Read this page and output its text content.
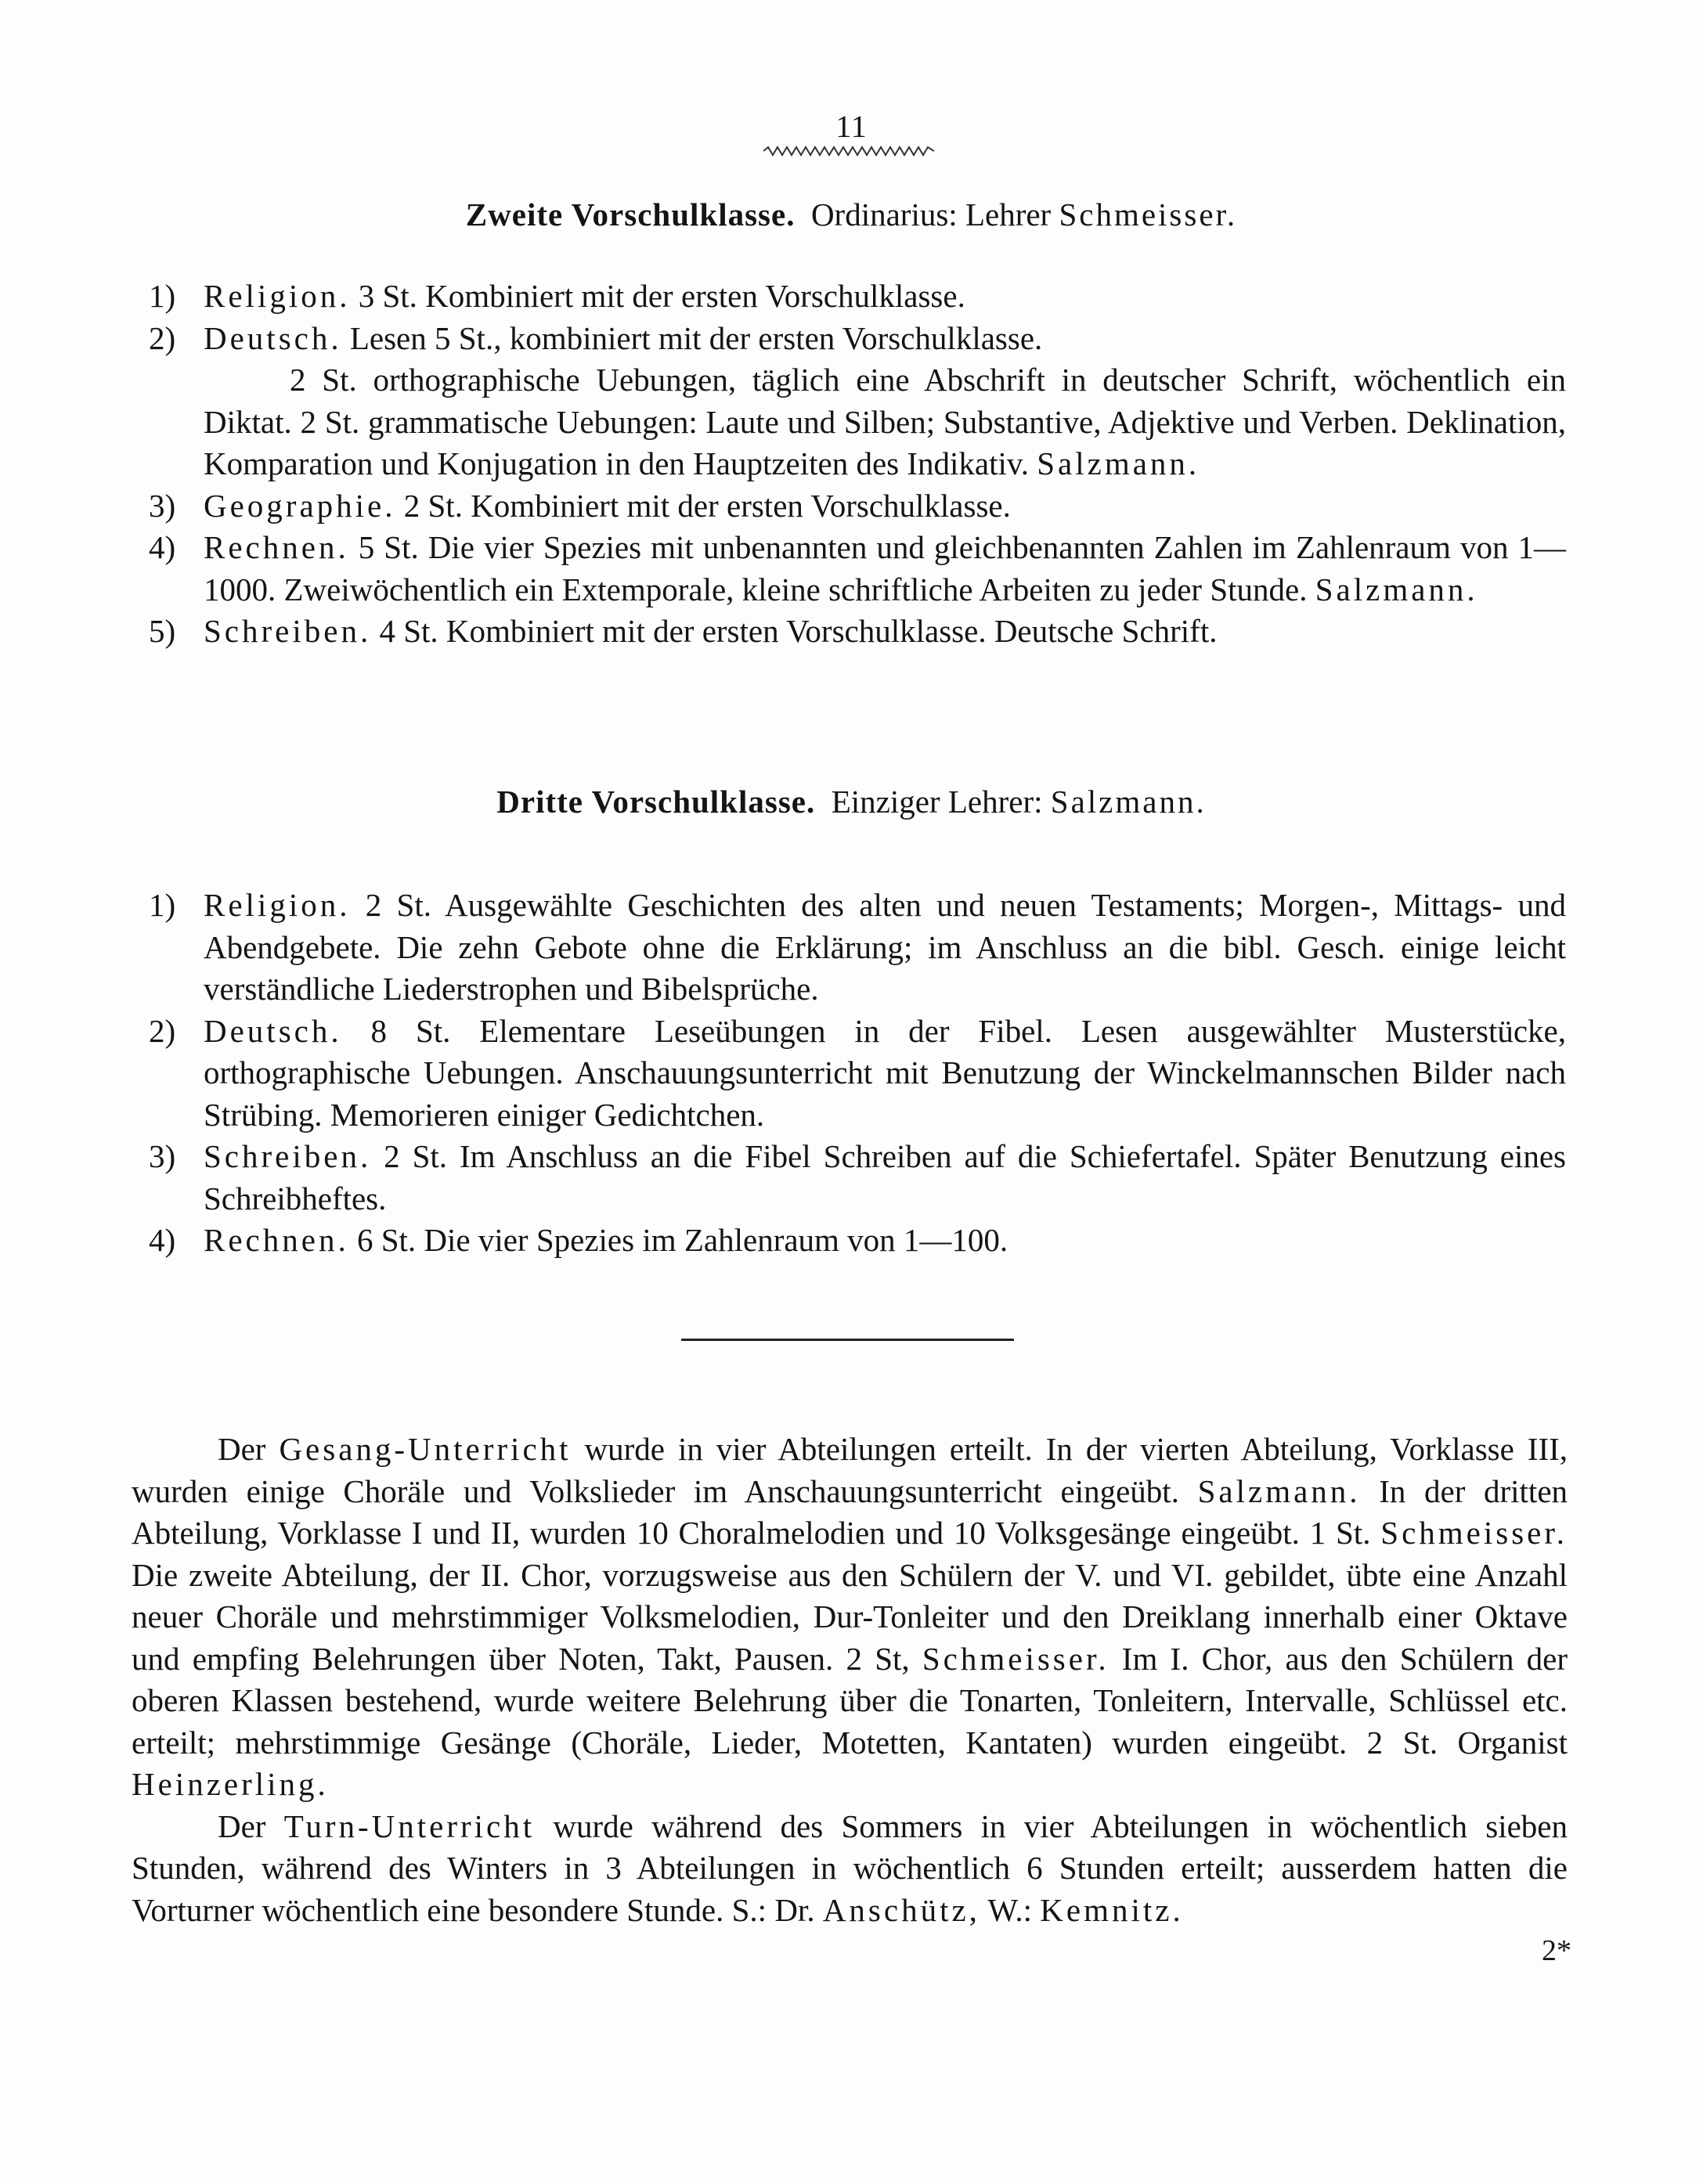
11
Zweite Vorschulklasse. Ordinarius: Lehrer Schmeisser.
1) Religion. 3 St. Kombiniert mit der ersten Vorschulklasse.
2) Deutsch. Lesen 5 St., kombiniert mit der ersten Vorschulklasse.

2 St. orthographische Uebungen, täglich eine Abschrift in deutscher Schrift, wöchentlich ein Diktat. 2 St. grammatische Uebungen: Laute und Silben; Substantive, Adjektive und Verben. Deklination, Komparation und Konjugation in den Hauptzeiten des Indikativ. Salzmann.

3) Geographie. 2 St. Kombiniert mit der ersten Vorschulklasse.
4) Rechnen. 5 St. Die vier Spezies mit unbenannten und gleichbenannten Zahlen im Zahlenraum von 1—1000. Zweiwöchentlich ein Extemporale, kleine schriftliche Arbeiten zu jeder Stunde. Salzmann.
5) Schreiben. 4 St. Kombiniert mit der ersten Vorschulklasse. Deutsche Schrift.
Dritte Vorschulklasse. Einziger Lehrer: Salzmann.
1) Religion. 2 St. Ausgewählte Geschichten des alten und neuen Testaments; Morgen-, Mittags- und Abendgebete. Die zehn Gebote ohne die Erklärung; im Anschluss an die bibl. Gesch. einige leicht verständliche Liederstrophen und Bibelsprüche.
2) Deutsch. 8 St. Elementare Leseübungen in der Fibel. Lesen ausgewählter Musterstücke, orthographische Uebungen. Anschauungsunterricht mit Benutzung der Winckelmannschen Bilder nach Strübing. Memorieren einiger Gedichtchen.
3) Schreiben. 2 St. Im Anschluss an die Fibel Schreiben auf die Schiefertafel. Später Benutzung eines Schreibheftes.
4) Rechnen. 6 St. Die vier Spezies im Zahlenraum von 1—100.

Der Gesang-Unterricht wurde in vier Abteilungen erteilt. In der vierten Abteilung, Vorklasse III, wurden einige Choräle und Volkslieder im Anschauungsunterricht eingeübt. Salzmann. In der dritten Abteilung, Vorklasse I und II, wurden 10 Choralmelodien und 10 Volksgesänge eingeübt. 1 St. Schmeisser. Die zweite Abteilung, der II. Chor, vorzugsweise aus den Schülern der V. und VI. gebildet, übte eine Anzahl neuer Choräle und mehrstimmiger Volksmelodien, Dur-Tonleiter und den Dreiklang innerhalb einer Oktave und empfing Belehrungen über Noten, Takt, Pausen. 2 St, Schmeisser. Im I. Chor, aus den Schülern der oberen Klassen bestehend, wurde weitere Belehrung über die Tonarten, Tonleitern, Intervalle, Schlüssel etc. erteilt; mehrstimmige Gesänge (Choräle, Lieder, Motetten, Kantaten) wurden eingeübt. 2 St. Organist Heinzerling.

Der Turn-Unterricht wurde während des Sommers in vier Abteilungen in wöchentlich sieben Stunden, während des Winters in 3 Abteilungen in wöchentlich 6 Stunden erteilt; ausserdem hatten die Vorturner wöchentlich eine besondere Stunde. S.: Dr. Anschütz, W.: Kemnitz.

2*
